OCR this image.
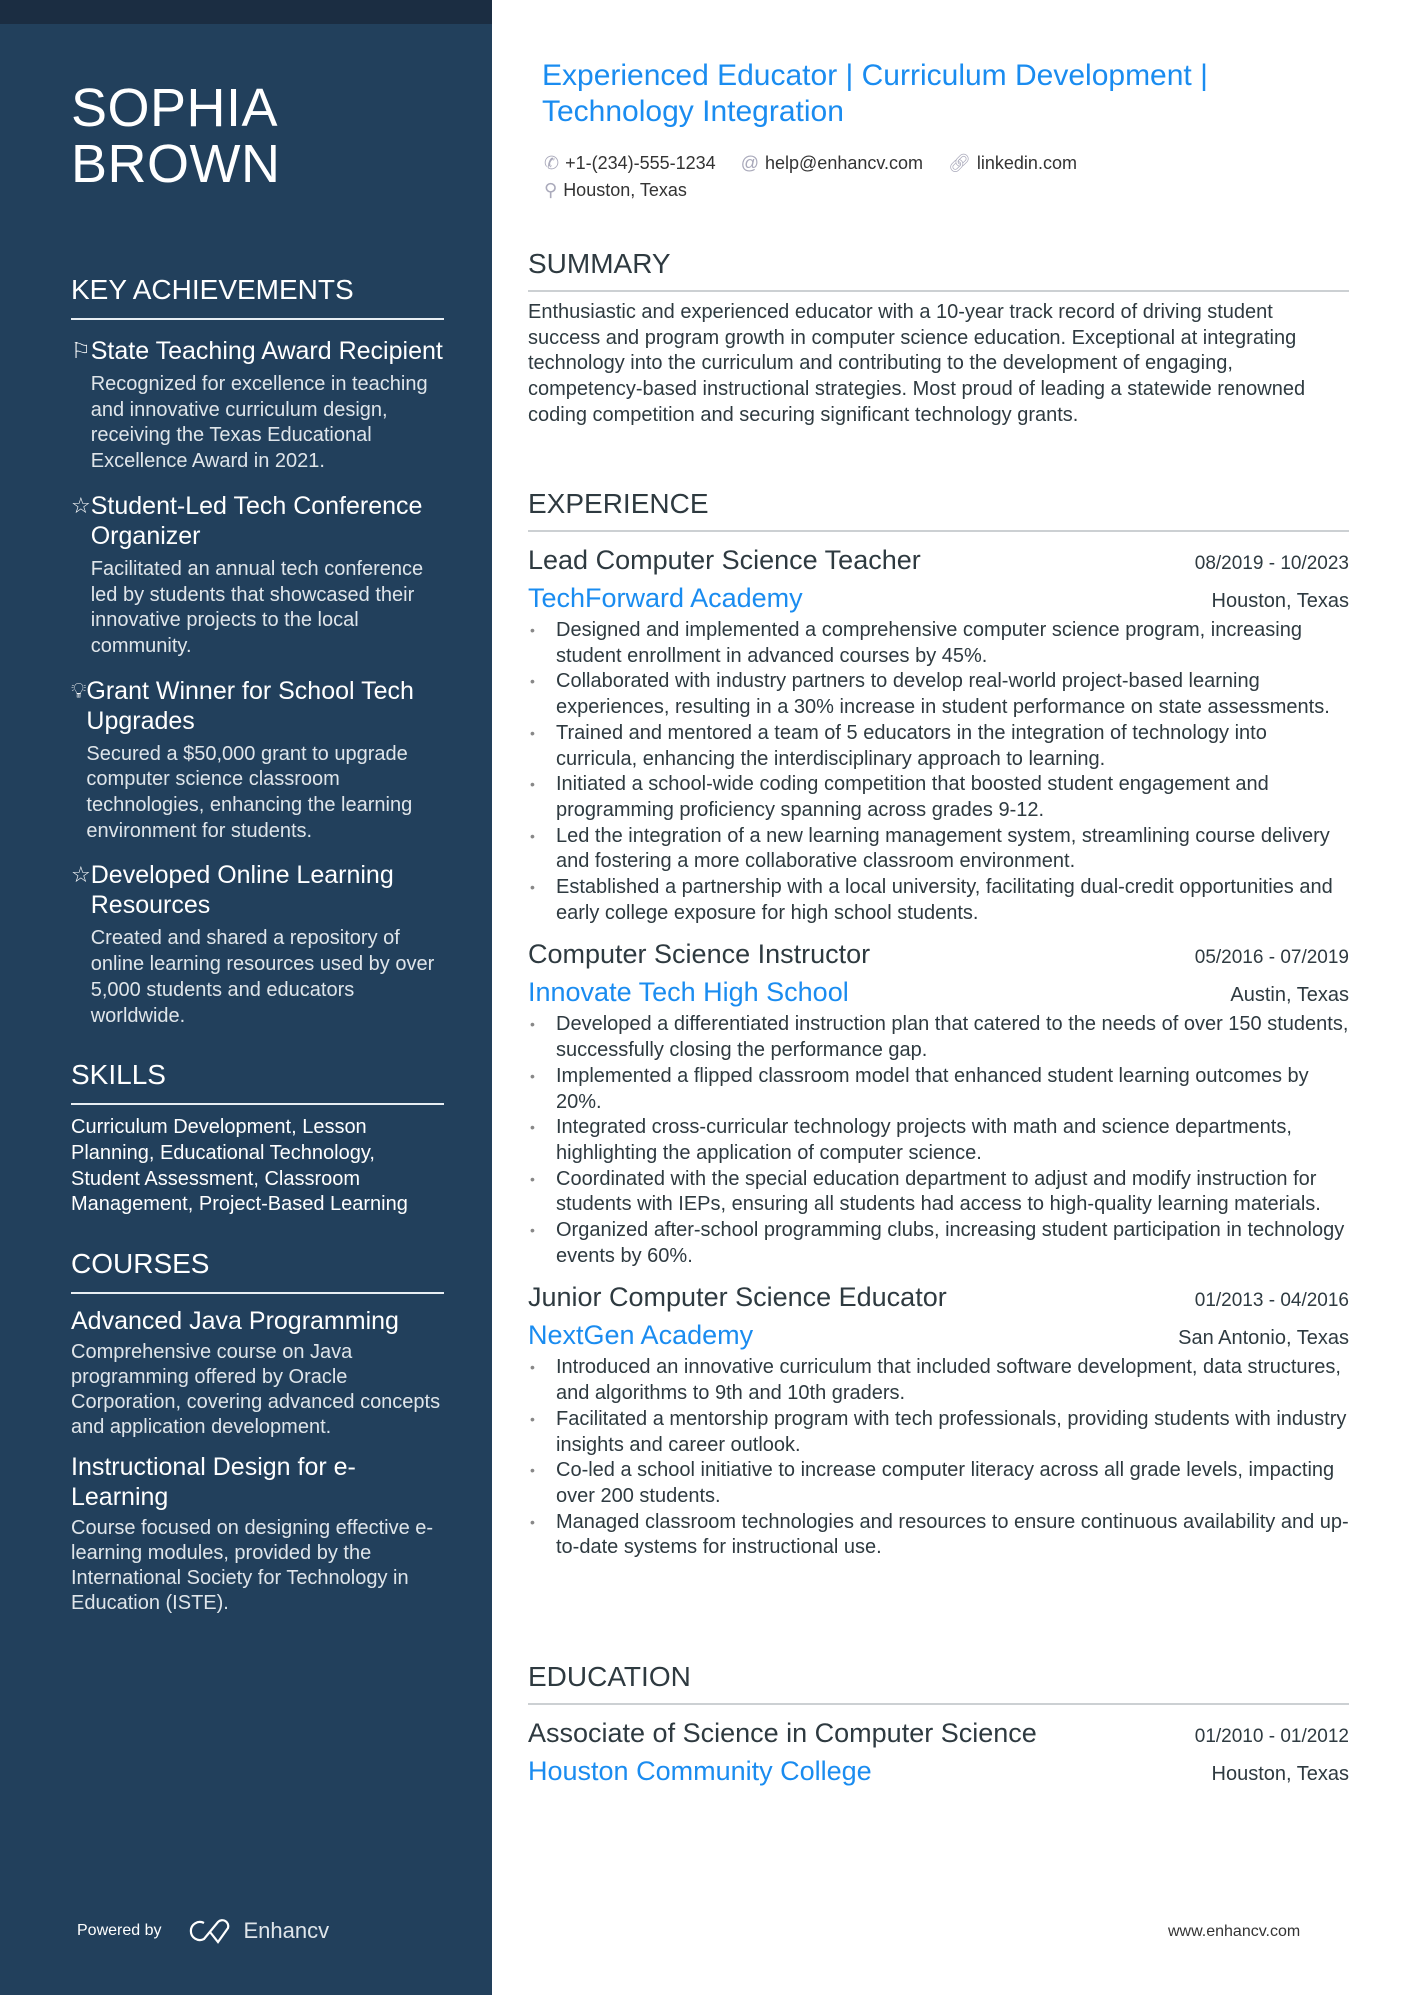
SOPHIA
BROWN
KEY ACHIEVEMENTS
⚐ State Teaching Award Recipient

Recognized for excellence in teaching and innovative curriculum design, receiving the Texas Educational Excellence Award in 2021.

☆ Student-Led Tech Conference Organizer

Facilitated an annual tech conference led by students that showcased their innovative projects to the local community.

💡︎ Grant Winner for School Tech Upgrades

Secured a $50,000 grant to upgrade computer science classroom technologies, enhancing the learning environment for students.

☆ Developed Online Learning Resources

Created and shared a repository of online learning resources used by over 5,000 students and educators worldwide.

SKILLS
Curriculum Development, Lesson Planning, Educational Technology, Student Assessment, Classroom Management, Project-Based Learning
COURSES
Advanced Java Programming

Comprehensive course on Java programming offered by Oracle Corporation, covering advanced concepts and application development.

Instructional Design for e-Learning

Course focused on designing effective e-learning modules, provided by the International Society for Technology in Education (ISTE).

Powered by	Enhancv
Experienced Educator | Curriculum Development | Technology Integration
✆ +1-(234)-555-1234 @ help@enhancv.com 🔗︎ linkedin.com
⚲ Houston, Texas
SUMMARY

Enthusiastic and experienced educator with a 10-year track record of driving student success and program growth in computer science education. Exceptional at integrating technology into the curriculum and contributing to the development of engaging, competency-based instructional strategies. Most proud of leading a statewide renowned coding competition and securing significant technology grants.

EXPERIENCE
Lead Computer Science Teacher	08/2019 - 10/2023
TechForward Academy	Houston, Texas
• Designed and implemented a comprehensive computer science program, increasing student enrollment in advanced courses by 45%.
• Collaborated with industry partners to develop real-world project-based learning experiences, resulting in a 30% increase in student performance on state assessments.
• Trained and mentored a team of 5 educators in the integration of technology into curricula, enhancing the interdisciplinary approach to learning.
• Initiated a school-wide coding competition that boosted student engagement and programming proficiency spanning across grades 9-12.
• Led the integration of a new learning management system, streamlining course delivery and fostering a more collaborative classroom environment.
• Established a partnership with a local university, facilitating dual-credit opportunities and early college exposure for high school students.
Computer Science Instructor	05/2016 - 07/2019
Innovate Tech High School	Austin, Texas
• Developed a differentiated instruction plan that catered to the needs of over 150 students, successfully closing the performance gap.
• Implemented a flipped classroom model that enhanced student learning outcomes by 20%.
• Integrated cross-curricular technology projects with math and science departments, highlighting the application of computer science.
• Coordinated with the special education department to adjust and modify instruction for students with IEPs, ensuring all students had access to high-quality learning materials.
• Organized after-school programming clubs, increasing student participation in technology events by 60%.
Junior Computer Science Educator	01/2013 - 04/2016
NextGen Academy	San Antonio, Texas
• Introduced an innovative curriculum that included software development, data structures, and algorithms to 9th and 10th graders.
• Facilitated a mentorship program with tech professionals, providing students with industry insights and career outlook.
• Co-led a school initiative to increase computer literacy across all grade levels, impacting over 200 students.
• Managed classroom technologies and resources to ensure continuous availability and up-to-date systems for instructional use.
EDUCATION
Associate of Science in Computer Science	01/2010 - 01/2012
Houston Community College	Houston, Texas
www.enhancv.com
